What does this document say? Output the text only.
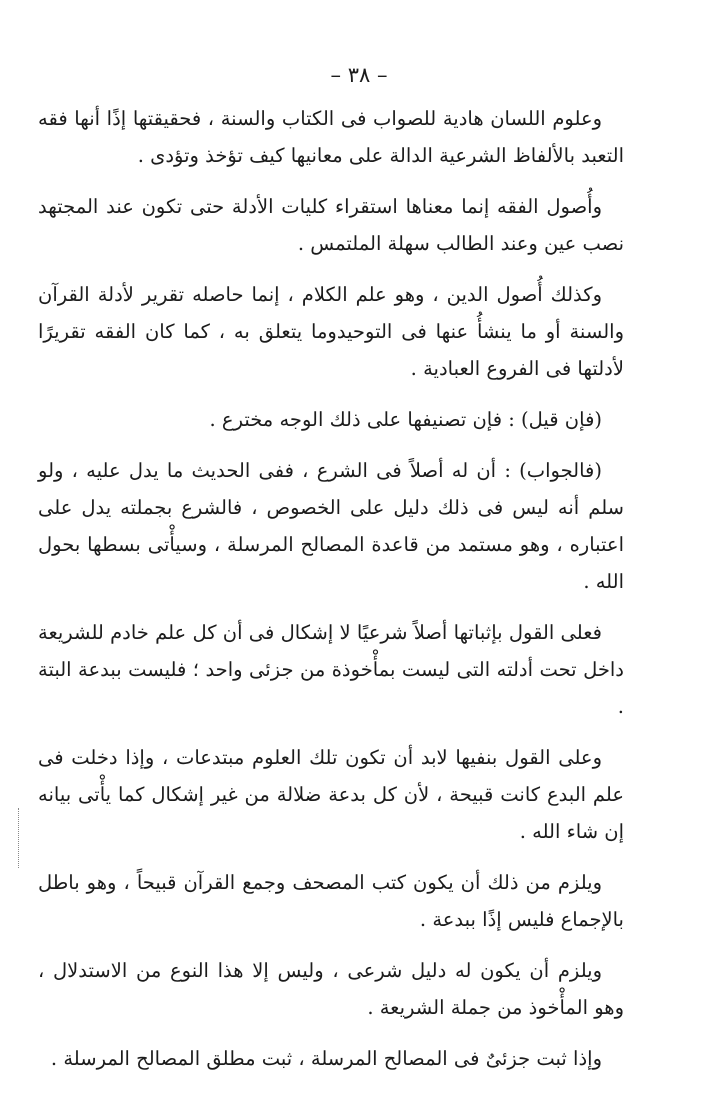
– ٣٨ –

وعلوم اللسان هادية للصواب فى الكتاب والسنة ، فحقيقتها إذًا أنها فقه التعبد بالألفاظ الشرعية الدالة على معانيها كيف تؤخذ وتؤدى .

وأُصول الفقه إنما معناها استقراء كليات الأدلة حتى تكون عند المجتهد نصب عين وعند الطالب سهلة الملتمس .

وكذلك أُصول الدين ، وهو علم الكلام ، إنما حاصله تقرير لأدلة القرآن والسنة أو ما ينشأُ عنها فى التوحيدوما يتعلق به ، كما كان الفقه تقريرًا لأدلتها فى الفروع العبادية .

(فإن قيل) : فإن تصنيفها على ذلك الوجه مخترع .

(فالجواب) : أن له أصلاً فى الشرع ، ففى الحديث ما يدل عليه ، ولو سلم أنه ليس فى ذلك دليل على الخصوص ، فالشرع بجملته يدل على اعتباره ، وهو مستمد من قاعدة المصالح المرسلة ، وسيأْتى بسطها بحول الله .

فعلى القول بإثباتها أصلاً شرعيًا لا إشكال فى أن كل علم خادم للشريعة داخل تحت أدلته التى ليست بمأْخوذة من جزئى واحد ؛ فليست ببدعة البتة .

وعلى القول بنفيها لابد أن تكون تلك العلوم مبتدعات ، وإذا دخلت فى علم البدع كانت قبيحة ، لأن كل بدعة ضلالة من غير إشكال كما يأْتى بيانه إن شاء الله .

ويلزم من ذلك أن يكون كتب المصحف وجمع القرآن قبيحاً ، وهو باطل بالإجماع فليس إذًا ببدعة .

ويلزم أن يكون له دليل شرعى ، وليس إلا هذا النوع من الاستدلال ، وهو المأْخوذ من جملة الشريعة .

وإذا ثبت جزئىٌ فى المصالح المرسلة ، ثبت مطلق المصالح المرسلة .
